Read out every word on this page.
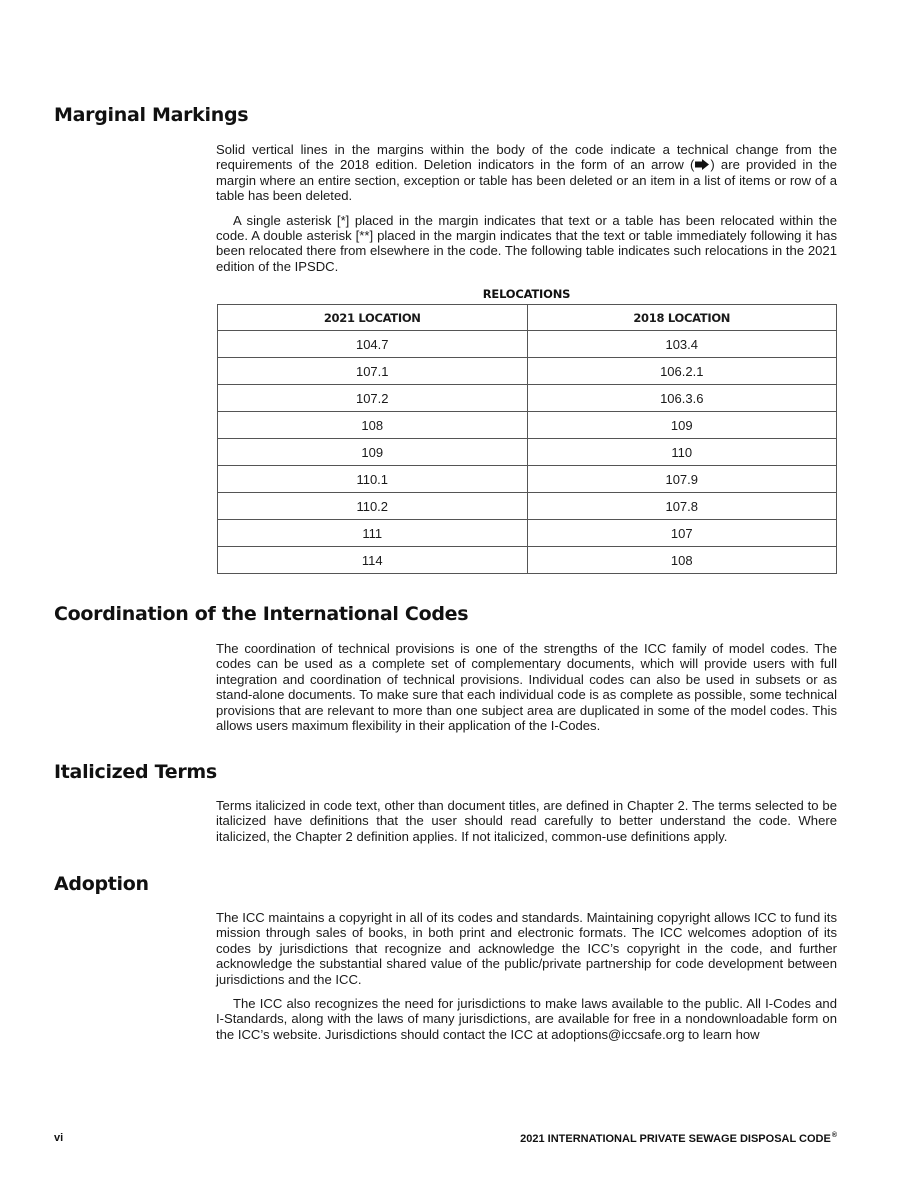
Marginal Markings

Solid vertical lines in the margins within the body of the code indicate a technical change from the requirements of the 2018 edition. Deletion indicators in the form of an arrow ( ) are provided in the margin where an entire section, exception or table has been deleted or an item in a list of items or row of a table has been deleted.

A single asterisk [*] placed in the margin indicates that text or a table has been relocated within the code. A double asterisk [**] placed in the margin indicates that the text or table immediately following it has been relocated there from elsewhere in the code. The following table indicates such relocations in the 2021 edition of the IPSDC.

RELOCATIONS
2021 LOCATION	2018 LOCATION
104.7	103.4
107.1	106.2.1
107.2	106.3.6
108	109
109	110
110.1	107.9
110.2	107.8
111	107
114	108
Coordination of the International Codes

The coordination of technical provisions is one of the strengths of the ICC family of model codes. The codes can be used as a complete set of complementary documents, which will provide users with full integration and coordination of technical provisions. Individual codes can also be used in subsets or as stand-alone documents. To make sure that each individual code is as complete as possible, some technical provisions that are relevant to more than one subject area are duplicated in some of the model codes. This allows users maximum flexibility in their application of the I-Codes.

Italicized Terms

Terms italicized in code text, other than document titles, are defined in Chapter 2. The terms selected to be italicized have definitions that the user should read carefully to better understand the code. Where italicized, the Chapter 2 definition applies. If not italicized, common-use definitions apply.

Adoption

The ICC maintains a copyright in all of its codes and standards. Maintaining copyright allows ICC to fund its mission through sales of books, in both print and electronic formats. The ICC welcomes adoption of its codes by jurisdictions that recognize and acknowledge the ICC’s copyright in the code, and further acknowledge the substantial shared value of the public/private partnership for code development between jurisdictions and the ICC.

The ICC also recognizes the need for jurisdictions to make laws available to the public. All I-Codes and I-Standards, along with the laws of many jurisdictions, are available for free in a nondownloadable form on the ICC’s website. Jurisdictions should contact the ICC at adoptions@iccsafe.org to learn how

vi	2021 INTERNATIONAL PRIVATE SEWAGE DISPOSAL CODE®
